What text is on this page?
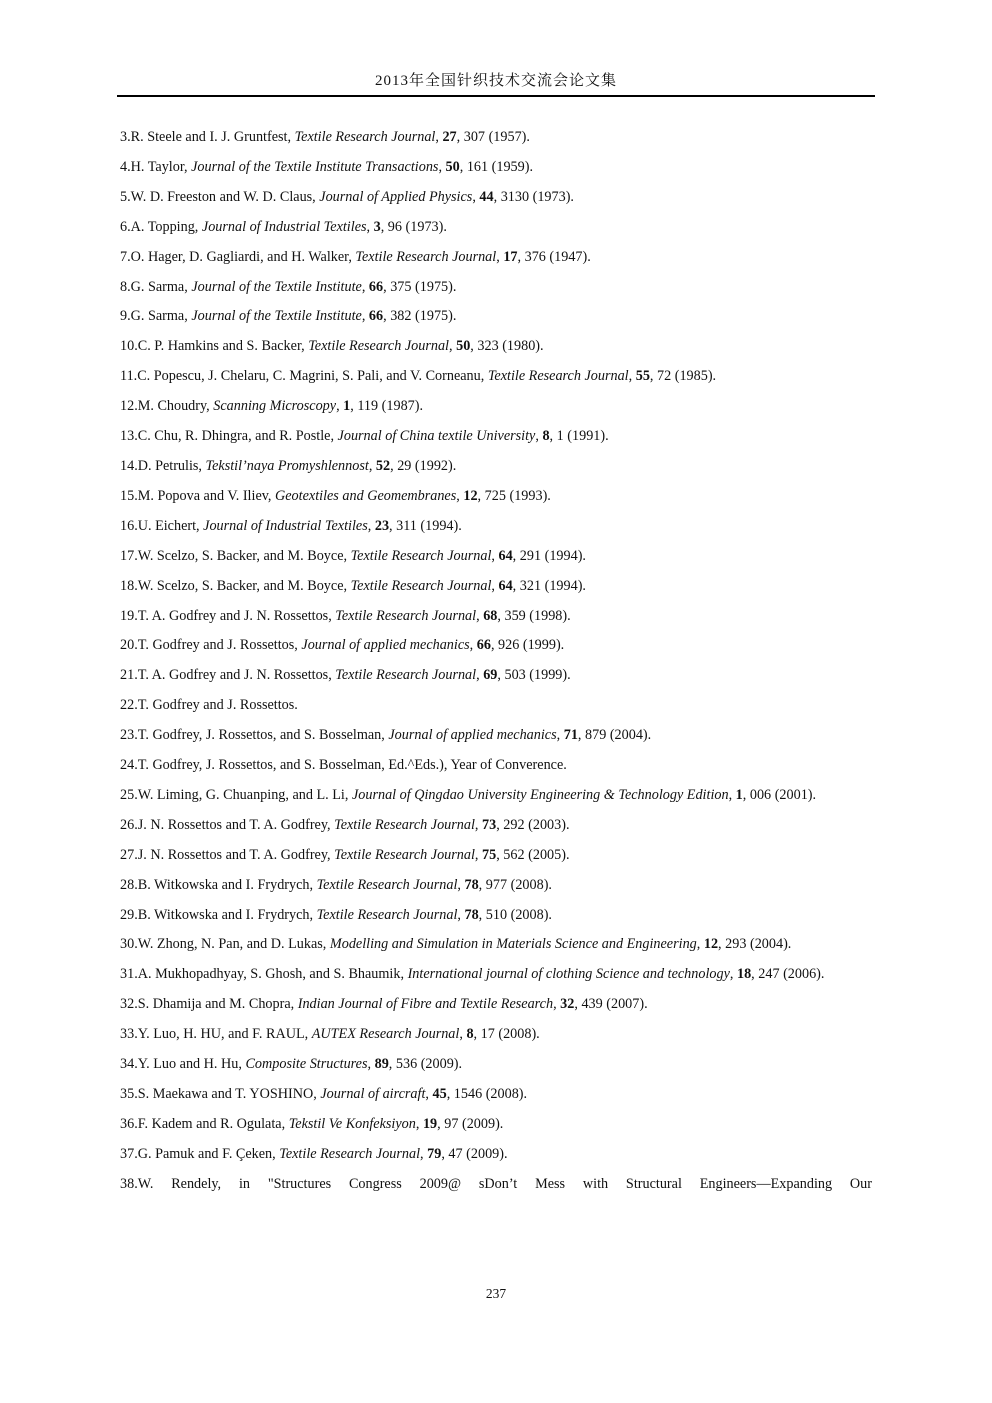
2013年全国针织技术交流会论文集
3.R. Steele and I. J. Gruntfest, Textile Research Journal, 27, 307 (1957).
4.H. Taylor, Journal of the Textile Institute Transactions, 50, 161 (1959).
5.W. D. Freeston and W. D. Claus, Journal of Applied Physics, 44, 3130 (1973).
6.A. Topping, Journal of Industrial Textiles, 3, 96 (1973).
7.O. Hager, D. Gagliardi, and H. Walker, Textile Research Journal, 17, 376 (1947).
8.G. Sarma, Journal of the Textile Institute, 66, 375 (1975).
9.G. Sarma, Journal of the Textile Institute, 66, 382 (1975).
10.C. P. Hamkins and S. Backer, Textile Research Journal, 50, 323 (1980).
11.C. Popescu, J. Chelaru, C. Magrini, S. Pali, and V. Corneanu, Textile Research Journal, 55, 72 (1985).
12.M. Choudry, Scanning Microscopy, 1, 119 (1987).
13.C. Chu, R. Dhingra, and R. Postle, Journal of China textile University, 8, 1 (1991).
14.D. Petrulis, Tekstil’naya Promyshlennost, 52, 29 (1992).
15.M. Popova and V. Iliev, Geotextiles and Geomembranes, 12, 725 (1993).
16.U. Eichert, Journal of Industrial Textiles, 23, 311 (1994).
17.W. Scelzo, S. Backer, and M. Boyce, Textile Research Journal, 64, 291 (1994).
18.W. Scelzo, S. Backer, and M. Boyce, Textile Research Journal, 64, 321 (1994).
19.T. A. Godfrey and J. N. Rossettos, Textile Research Journal, 68, 359 (1998).
20.T. Godfrey and J. Rossettos, Journal of applied mechanics, 66, 926 (1999).
21.T. A. Godfrey and J. N. Rossettos, Textile Research Journal, 69, 503 (1999).
22.T. Godfrey and J. Rossettos.
23.T. Godfrey, J. Rossettos, and S. Bosselman, Journal of applied mechanics, 71, 879 (2004).
24.T. Godfrey, J. Rossettos, and S. Bosselman, Ed.^Eds.), Year of Converence.
25.W. Liming, G. Chuanping, and L. Li, Journal of Qingdao University Engineering & Technology Edition, 1, 006 (2001).
26.J. N. Rossettos and T. A. Godfrey, Textile Research Journal, 73, 292 (2003).
27.J. N. Rossettos and T. A. Godfrey, Textile Research Journal, 75, 562 (2005).
28.B. Witkowska and I. Frydrych, Textile Research Journal, 78, 977 (2008).
29.B. Witkowska and I. Frydrych, Textile Research Journal, 78, 510 (2008).
30.W. Zhong, N. Pan, and D. Lukas, Modelling and Simulation in Materials Science and Engineering, 12, 293 (2004).
31.A. Mukhopadhyay, S. Ghosh, and S. Bhaumik, International journal of clothing Science and technology, 18, 247 (2006).
32.S. Dhamija and M. Chopra, Indian Journal of Fibre and Textile Research, 32, 439 (2007).
33.Y. Luo, H. HU, and F. RAUL, AUTEX Research Journal, 8, 17 (2008).
34.Y. Luo and H. Hu, Composite Structures, 89, 536 (2009).
35.S. Maekawa and T. YOSHINO, Journal of aircraft, 45, 1546 (2008).
36.F. Kadem and R. Ogulata, Tekstil Ve Konfeksiyon, 19, 97 (2009).
37.G. Pamuk and F. Çeken, Textile Research Journal, 79, 47 (2009).
38.W. Rendely, in "Structures Congress 2009@ sDon’t Mess with Structural Engineers—Expanding Our
237
